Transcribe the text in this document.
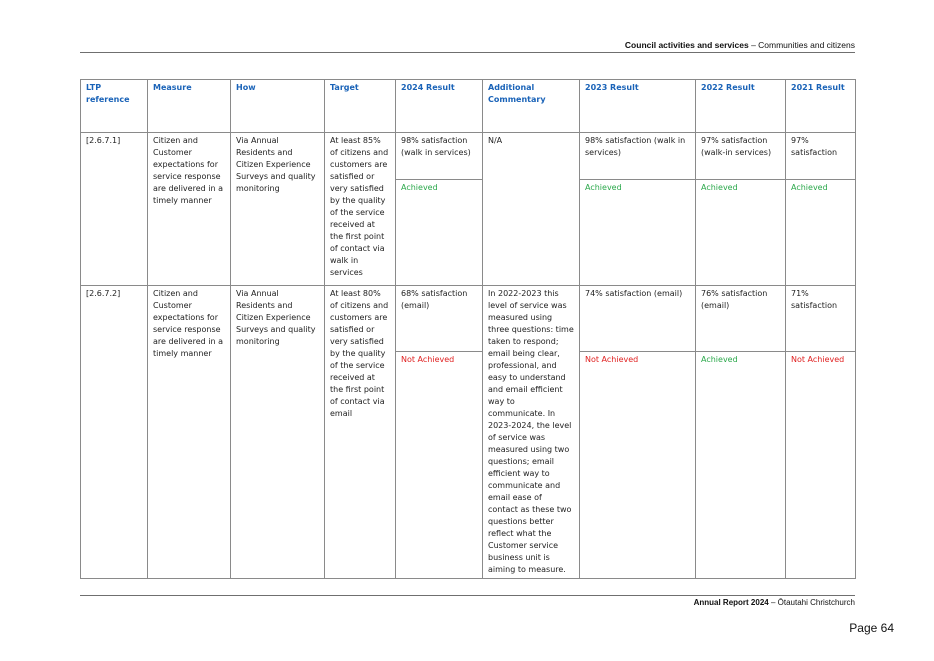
Council activities and services – Communities and citizens
LTP reference	Measure	How	Target	2024 Result	Additional Commentary	2023 Result	2022 Result	2021 Result
[2.6.7.1]	Citizen and Customer expectations for service response are delivered in a timely manner	Via Annual Residents and Citizen Experience Surveys and quality monitoring	At least 85% of citizens and customers are satisfied or very satisfied by the quality of the service received at the first point of contact via walk in services	98% satisfaction (walk in services)	N/A	98% satisfaction (walk in services)	97% satisfaction (walk-in services)	97% satisfaction
				Achieved		Achieved	Achieved	Achieved
[2.6.7.2]	Citizen and Customer expectations for service response are delivered in a timely manner	Via Annual Residents and Citizen Experience Surveys and quality monitoring	At least 80% of citizens and customers are satisfied or very satisfied by the quality of the service received at the first point of contact via email	68% satisfaction (email)	In 2022-2023 this level of service was measured using three questions: time taken to respond; email being clear, professional, and easy to understand and email efficient way to communicate. In 2023-2024, the level of service was measured using two questions; email efficient way to communicate and email ease of contact as these two questions better reflect what the Customer service business unit is aiming to measure.	74% satisfaction (email)	76% satisfaction (email)	71% satisfaction
				Not Achieved		Not Achieved	Achieved	Not Achieved
Annual Report 2024 – Ōtautahi Christchurch
Page 64
